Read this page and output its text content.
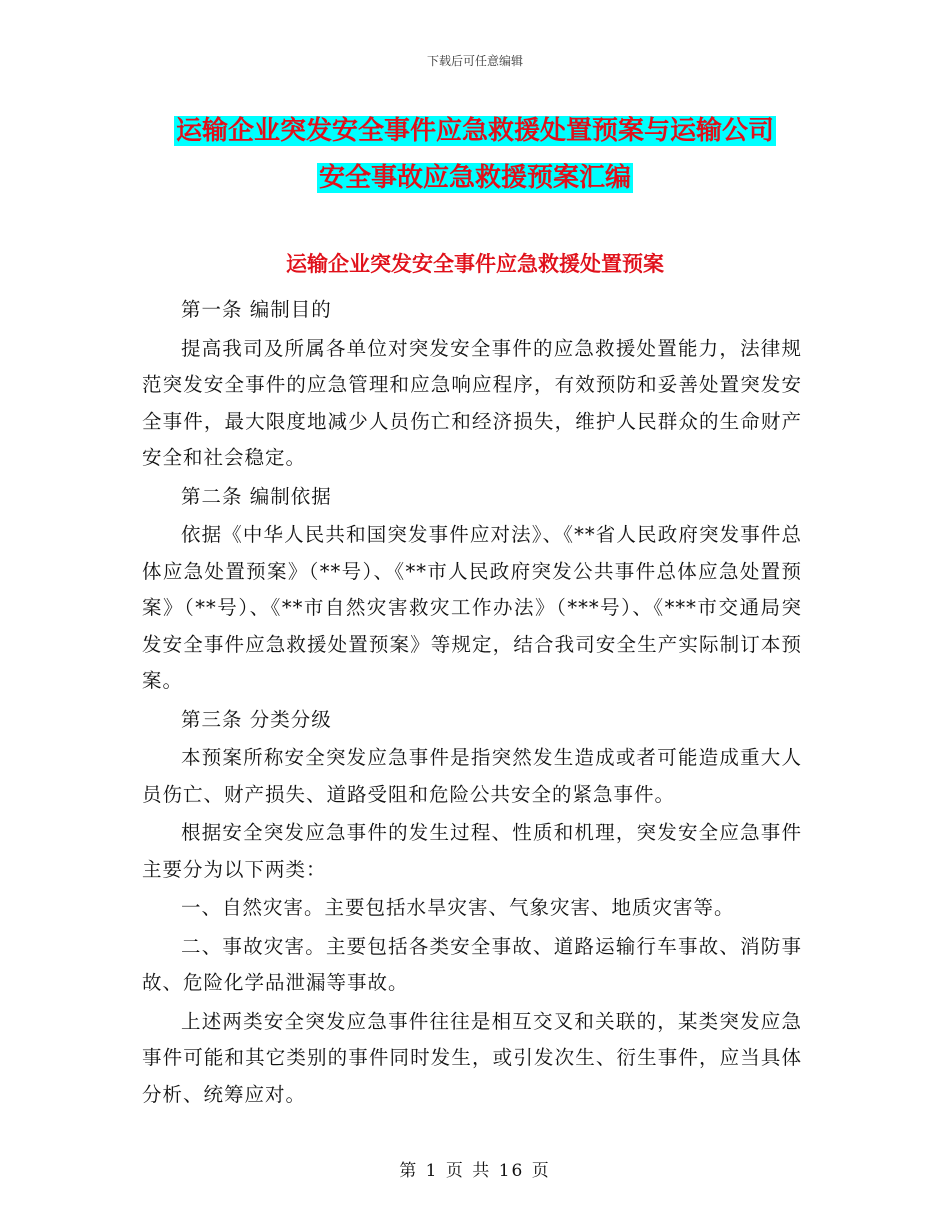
下载后可任意编辑
运输企业突发安全事件应急救援处置预案与运输公司
安全事故应急救援预案汇编
运输企业突发安全事件应急救援处置预案

第一条 编制目的

提高我司及所属各单位对突发安全事件的应急救援处置能力，法律规范突发安全事件的应急管理和应急响应程序，有效预防和妥善处置突发安全事件，最大限度地减少人员伤亡和经济损失，维护人民群众的生命财产安全和社会稳定。

第二条 编制依据

依据《中华人民共和国突发事件应对法》、《**省人民政府突发事件总体应急处置预案》（**号）、《**市人民政府突发公共事件总体应急处置预案》（**号）、《**市自然灾害救灾工作办法》（***号）、《***市交通局突发安全事件应急救援处置预案》等规定，结合我司安全生产实际制订本预案。

第三条 分类分级

本预案所称安全突发应急事件是指突然发生造成或者可能造成重大人员伤亡、财产损失、道路受阻和危险公共安全的紧急事件。

根据安全突发应急事件的发生过程、性质和机理，突发安全应急事件主要分为以下两类：

一、自然灾害。主要包括水旱灾害、气象灾害、地质灾害等。

二、事故灾害。主要包括各类安全事故、道路运输行车事故、消防事故、危险化学品泄漏等事故。

上述两类安全突发应急事件往往是相互交叉和关联的，某类突发应急事件可能和其它类别的事件同时发生，或引发次生、衍生事件，应当具体分析、统筹应对。

第 1 页 共 16 页
